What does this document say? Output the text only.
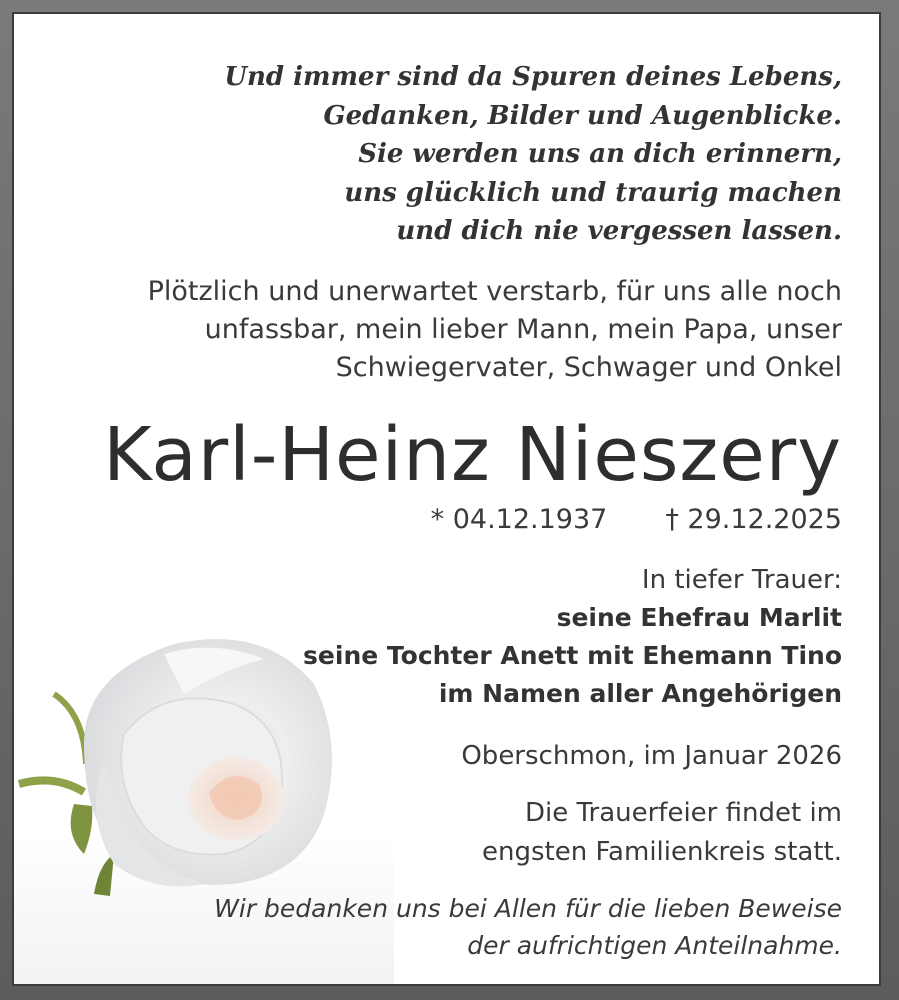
Und immer sind da Spuren deines Lebens,
Gedanken, Bilder und Augenblicke.
Sie werden uns an dich erinnern,
uns glücklich und traurig machen
und dich nie vergessen lassen.
Plötzlich und unerwartet verstarb, für uns alle noch
unfassbar, mein lieber Mann, mein Papa, unser
Schwiegervater, Schwager und Onkel
Karl-Heinz Nieszery
* 04.12.1937 † 29.12.2025
In tiefer Trauer:
seine Ehefrau Marlit
seine Tochter Anett mit Ehemann Tino
im Namen aller Angehörigen
Oberschmon, im Januar 2026
Die Trauerfeier findet im
engsten Familienkreis statt.
Wir bedanken uns bei Allen für die lieben Beweise
der aufrichtigen Anteilnahme.
